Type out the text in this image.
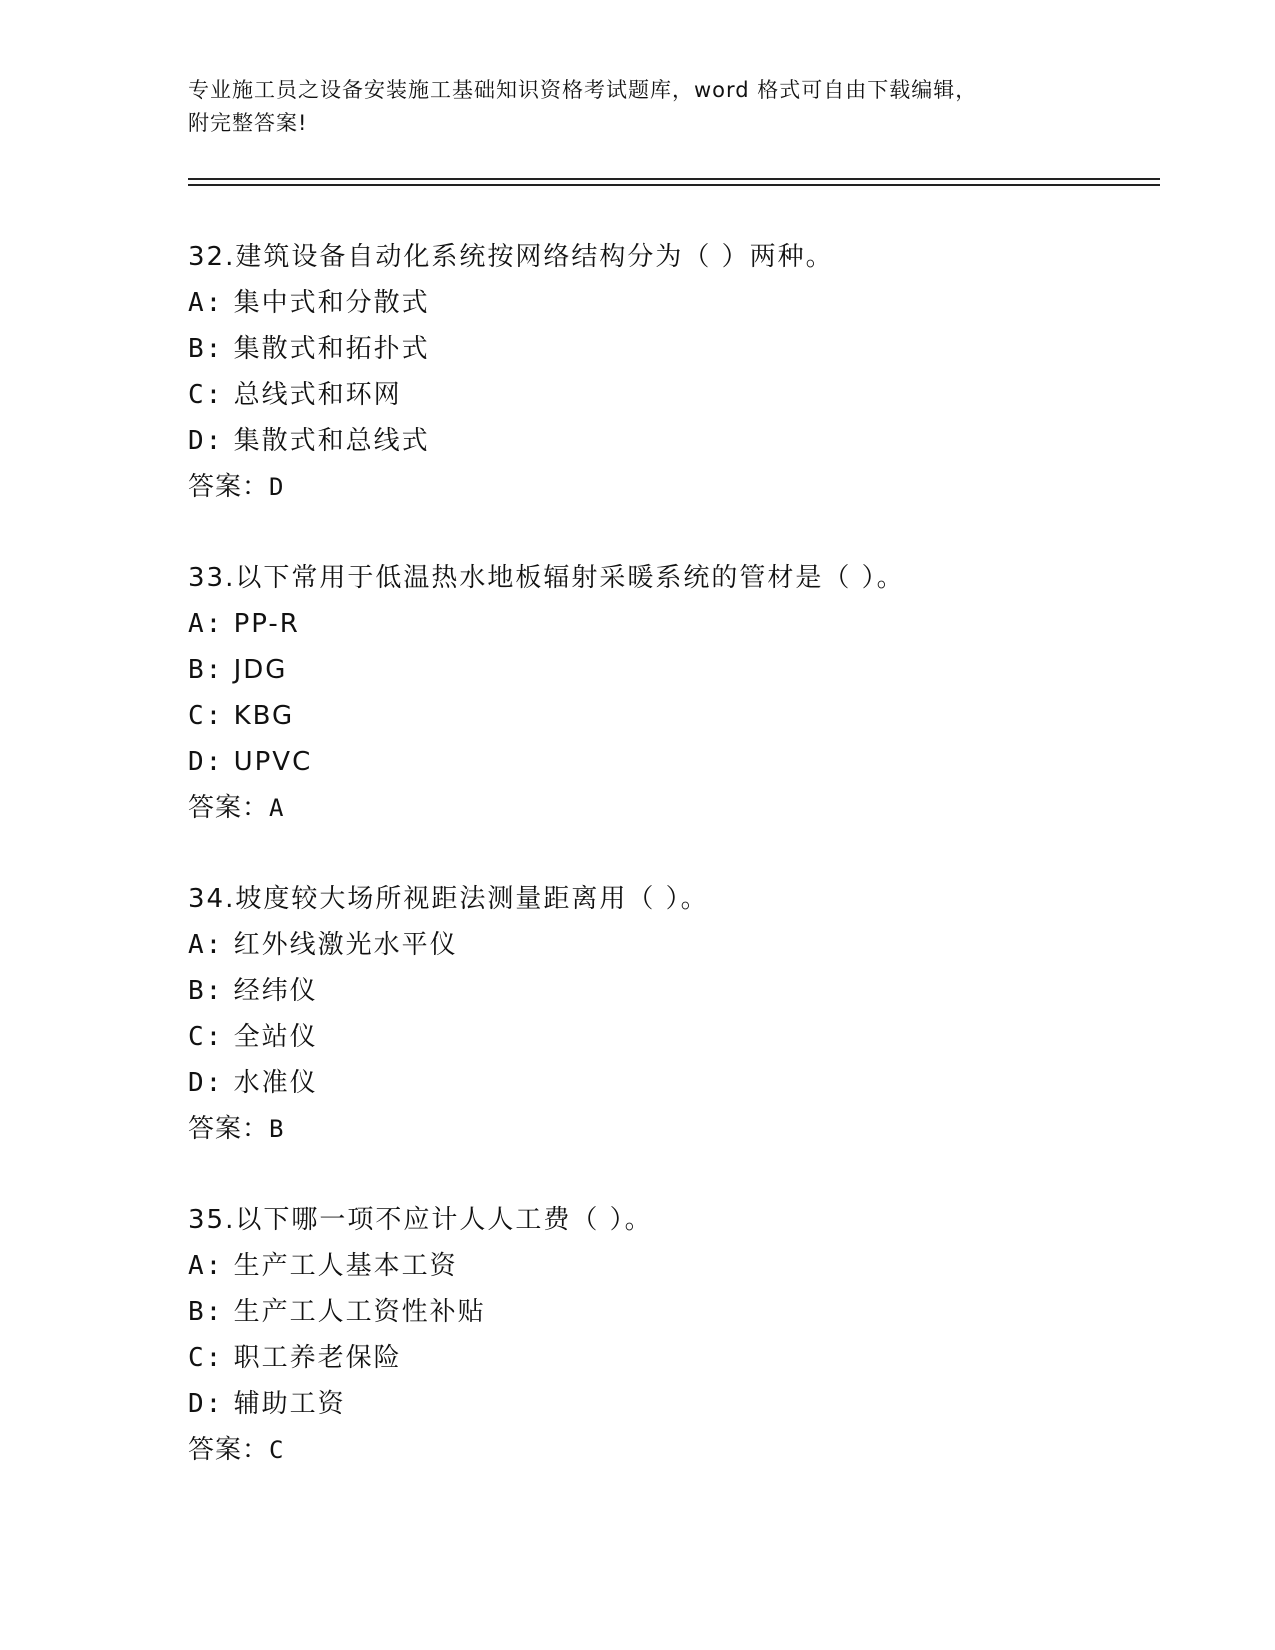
专业施工员之设备安装施工基础知识资格考试题库，word 格式可自由下载编辑，
附完整答案!
32.建筑设备自动化系统按网络结构分为（ ）两种。
A: 集中式和分散式
B: 集散式和拓扑式
C: 总线式和环网
D: 集散式和总线式
答案：D
33.以下常用于低温热水地板辐射采暖系统的管材是（ ）。
A: PP-R
B: JDG
C: KBG
D: UPVC
答案：A
34.坡度较大场所视距法测量距离用（ ）。
A: 红外线激光水平仪
B: 经纬仪
C: 全站仪
D: 水准仪
答案：B
35.以下哪一项不应计人人工费（ ）。
A: 生产工人基本工资
B: 生产工人工资性补贴
C: 职工养老保险
D: 辅助工资
答案：C
